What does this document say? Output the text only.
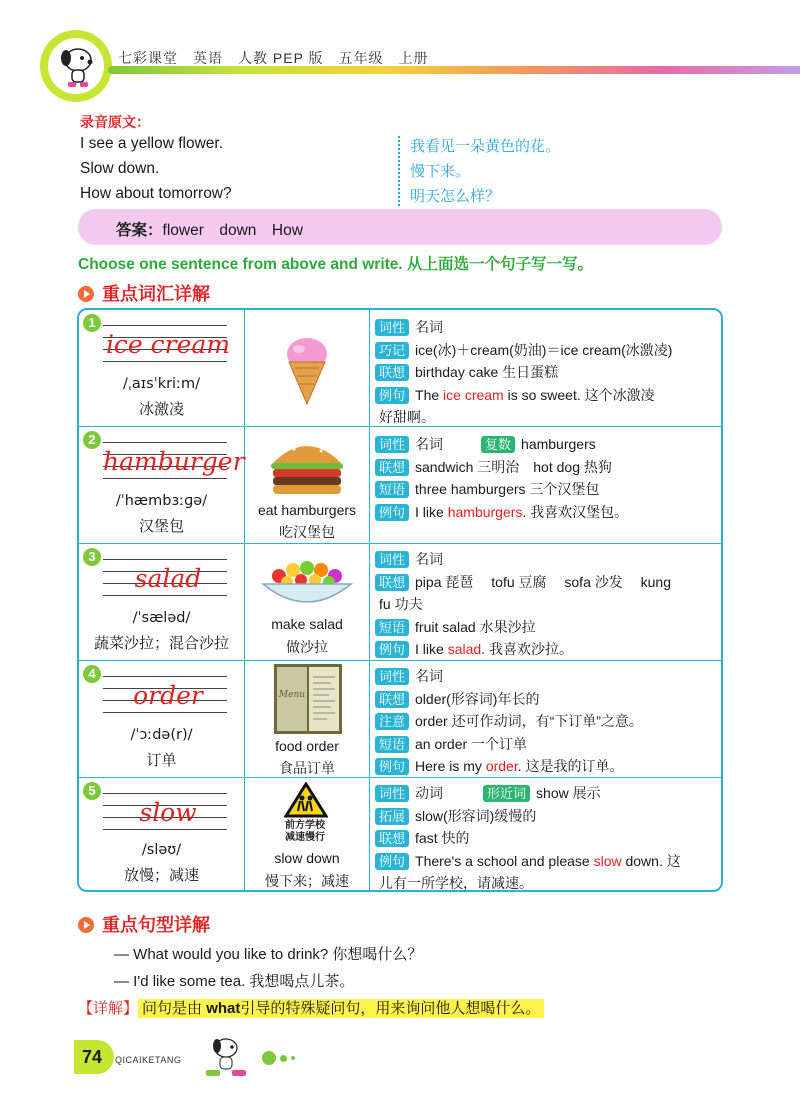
七彩课堂　英语　人教 PEP 版　五年级　上册
录音原文：
I see a yellow flower.
Slow down.
How about tomorrow?
我看见一朵黄色的花。
慢下来。
明天怎么样？
答案：flower　down　How
Choose one sentence from above and write. 从上面选一个句子写一写。
重点词汇详解
1
ice cream
/ˌaɪsˈkriːm/
冰激凌
词性 名词
巧记 ice(冰)＋cream(奶油)＝ice cream(冰激凌)
联想 birthday cake 生日蛋糕
例句 The ice cream is so sweet. 这个冰激凌
好甜啊。
2
hamburger
/ˈhæmbɜːɡə/
汉堡包
eat hamburgers
吃汉堡包
词性 名词	复数 hamburgers
联想 sandwich 三明治　hot dog 热狗
短语 three hamburgers 三个汉堡包
例句 I like hamburgers. 我喜欢汉堡包。
3
salad
/ˈsæləd/
蔬菜沙拉；混合沙拉
make salad
做沙拉
词性 名词
联想 pipa 琵琶　 tofu 豆腐　 sofa 沙发　 kung
fu 功夫
短语 fruit salad 水果沙拉
例句 I like salad. 我喜欢沙拉。
4
order
/ˈɔːdə(r)/
订单
Menu
food order
食品订单
词性 名词
联想 older(形容词)年长的
注意 order 还可作动词，有“下订单”之意。
短语 an order 一个订单
例句 Here is my order. 这是我的订单。
5
slow
/sləʊ/
放慢；减速
前方学校
减速慢行
slow down
慢下来；减速
词性 动词	形近词 show 展示
拓展 slow(形容词)缓慢的
联想 fast 快的
例句 There's a school and please slow down. 这
儿有一所学校，请减速。
重点句型详解
— What would you like to drink? 你想喝什么？
— I'd like some tea. 我想喝点儿茶。
【详解】 问句是由 what引导的特殊疑问句，用来询问他人想喝什么。
74	QICAIKETANG
